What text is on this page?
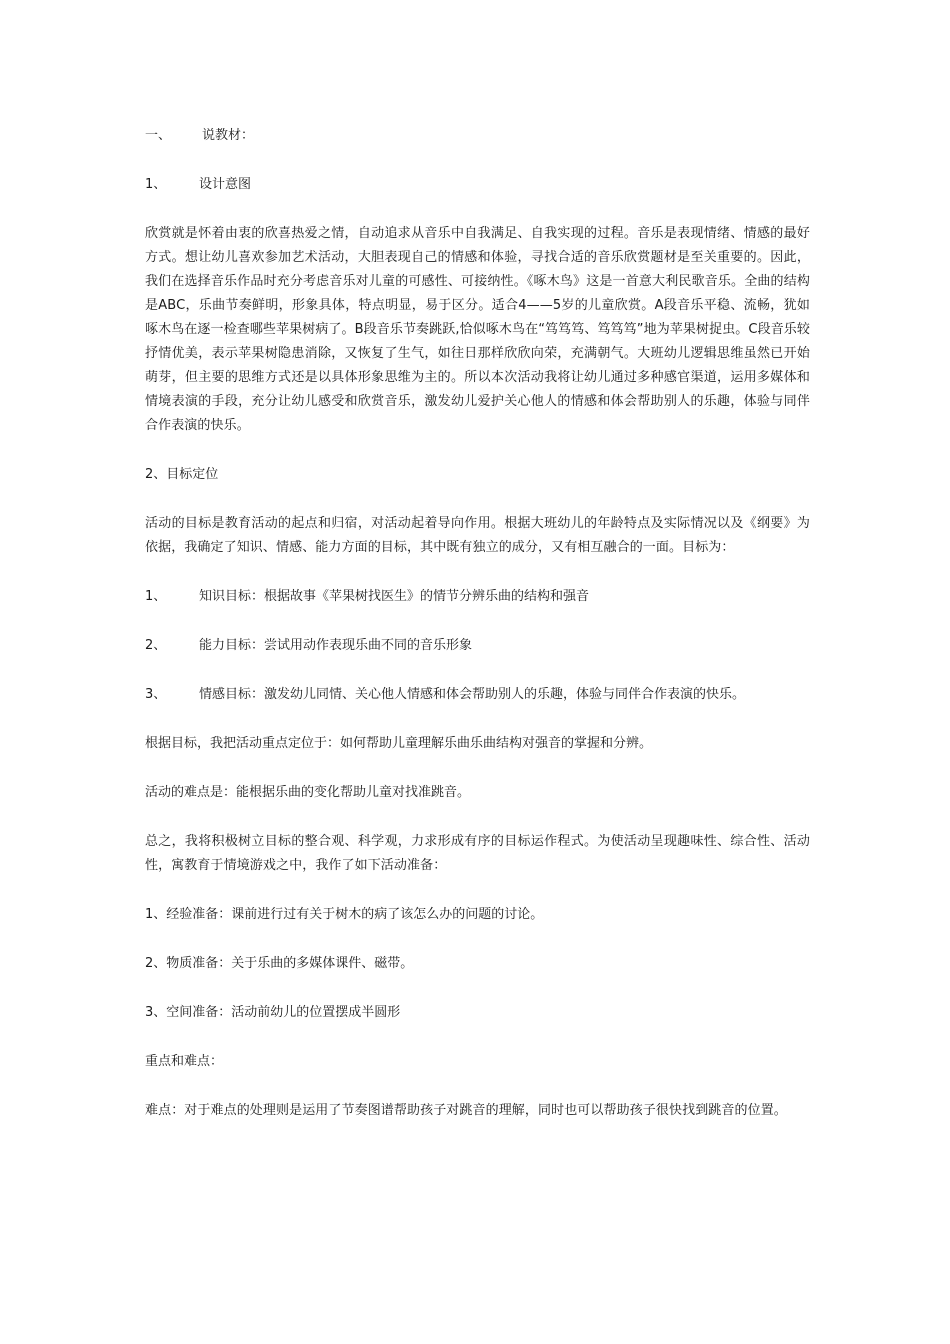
一、 说教材：
1、	设计意图

欣赏就是怀着由衷的欣喜热爱之情，自动追求从音乐中自我满足、自我实现的过程。音乐是表现情绪、情感的最好方式。想让幼儿喜欢参加艺术活动，大胆表现自己的情感和体验，寻找合适的音乐欣赏题材是至关重要的。因此，我们在选择音乐作品时充分考虑音乐对儿童的可感性、可接纳性。《啄木鸟》这是一首意大利民歌音乐。全曲的结构是ABC，乐曲节奏鲜明，形象具体，特点明显，易于区分。适合4——5岁的儿童欣赏。A段音乐平稳、流畅，犹如啄木鸟在逐一检查哪些苹果树病了。B段音乐节奏跳跃,恰似啄木鸟在“笃笃笃、笃笃笃”地为苹果树捉虫。C段音乐较抒情优美，表示苹果树隐患消除，又恢复了生气，如往日那样欣欣向荣，充满朝气。大班幼儿逻辑思维虽然已开始萌芽，但主要的思维方式还是以具体形象思维为主的。所以本次活动我将让幼儿通过多种感官渠道，运用多媒体和情境表演的手段，充分让幼儿感受和欣赏音乐，激发幼儿爱护关心他人的情感和体会帮助别人的乐趣，体验与同伴合作表演的快乐。

2、目标定位

活动的目标是教育活动的起点和归宿，对活动起着导向作用。根据大班幼儿的年龄特点及实际情况以及《纲要》为依据，我确定了知识、情感、能力方面的目标，其中既有独立的成分，又有相互融合的一面。目标为：

1、	知识目标：根据故事《苹果树找医生》的情节分辨乐曲的结构和强音
2、	能力目标：尝试用动作表现乐曲不同的音乐形象
3、	情感目标：激发幼儿同情、关心他人情感和体会帮助别人的乐趣，体验与同伴合作表演的快乐。
根据目标，我把活动重点定位于：如何帮助儿童理解乐曲乐曲结构对强音的掌握和分辨。
活动的难点是：能根据乐曲的变化帮助儿童对找准跳音。

总之，我将积极树立目标的整合观、科学观，力求形成有序的目标运作程式。为使活动呈现趣味性、综合性、活动性，寓教育于情境游戏之中，我作了如下活动准备：

1、经验准备：课前进行过有关于树木的病了该怎么办的问题的讨论。
2、物质准备：关于乐曲的多媒体课件、磁带。
3、空间准备：活动前幼儿的位置摆成半圆形
重点和难点：

难点：对于难点的处理则是运用了节奏图谱帮助孩子对跳音的理解，同时也可以帮助孩子很快找到跳音的位置。
